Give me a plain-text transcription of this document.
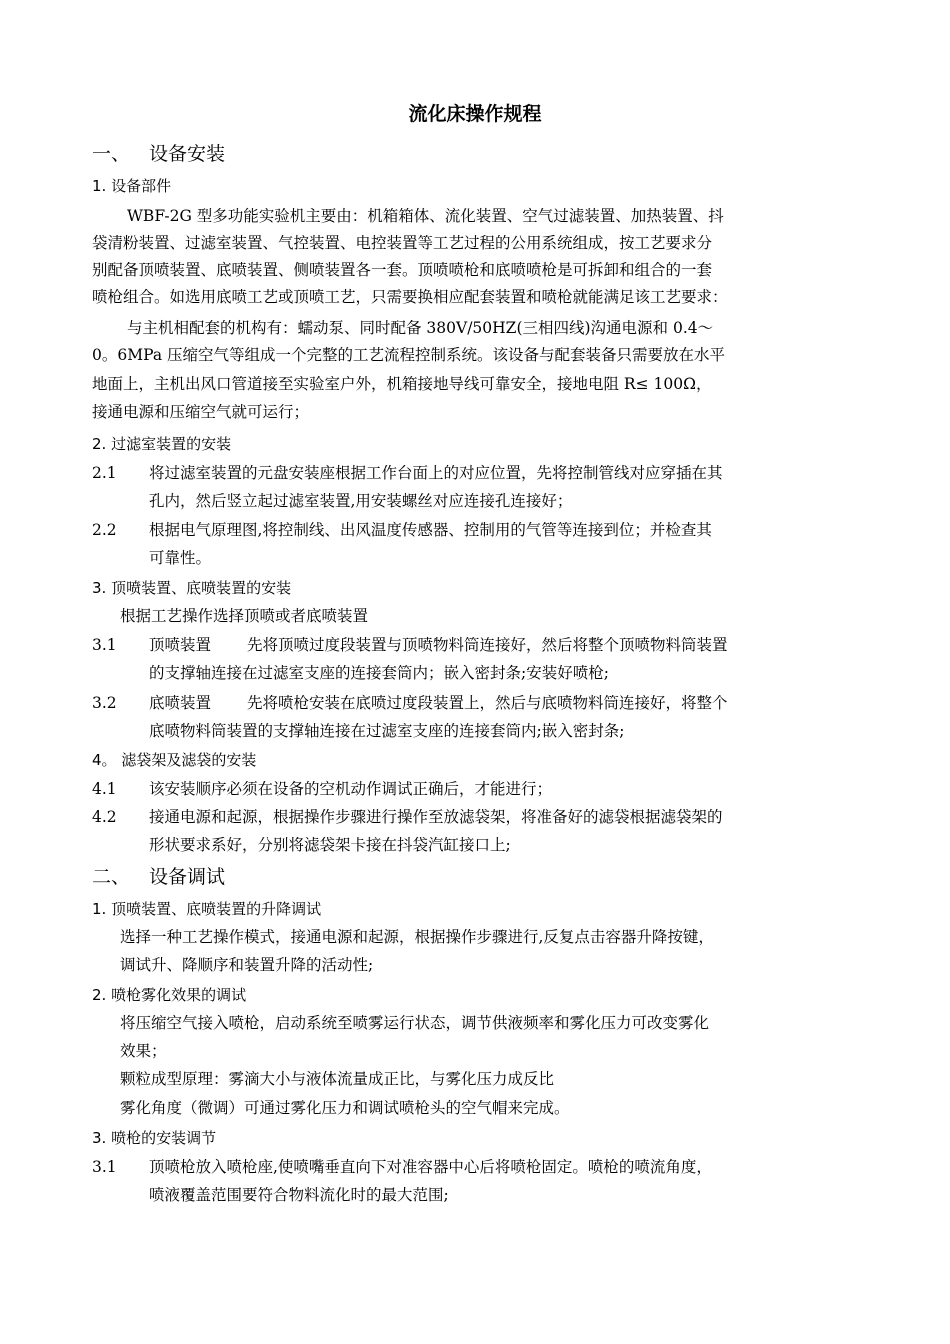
流化床操作规程
一、 设备安装
1. 设备部件
WBF-2G 型多功能实验机主要由：机箱箱体、流化装置、空气过滤装置、加热装置、抖
袋清粉装置、过滤室装置、气控装置、电控装置等工艺过程的公用系统组成，按工艺要求分
别配备顶喷装置、底喷装置、侧喷装置各一套。顶喷喷枪和底喷喷枪是可拆卸和组合的一套
喷枪组合。如选用底喷工艺或顶喷工艺，只需要换相应配套装置和喷枪就能满足该工艺要求：
与主机相配套的机构有：蠕动泵、同时配备 380V/50HZ(三相四线)沟通电源和 0.4～
0。6MPa 压缩空气等组成一个完整的工艺流程控制系统。该设备与配套装备只需要放在水平
地面上，主机出风口管道接至实验室户外，机箱接地导线可靠安全，接地电阻 R≤ 100Ω，
接通电源和压缩空气就可运行；
2. 过滤室装置的安装
2.1 将过滤室装置的元盘安装座根据工作台面上的对应位置，先将控制管线对应穿插在其
孔内，然后竖立起过滤室装置,用安装螺丝对应连接孔连接好；
2.2 根据电气原理图,将控制线、出风温度传感器、控制用的气管等连接到位；并检查其
可靠性。
3. 顶喷装置、底喷装置的安装
根据工艺操作选择顶喷或者底喷装置
3.1 顶喷装置 先将顶喷过度段装置与顶喷物料筒连接好，然后将整个顶喷物料筒装置
的支撑轴连接在过滤室支座的连接套筒内；嵌入密封条;安装好喷枪;
3.2 底喷装置 先将喷枪安装在底喷过度段装置上，然后与底喷物料筒连接好，将整个
底喷物料筒装置的支撑轴连接在过滤室支座的连接套筒内;嵌入密封条;
4。 滤袋架及滤袋的安装
4.1 该安装顺序必须在设备的空机动作调试正确后，才能进行；
4.2 接通电源和起源，根据操作步骤进行操作至放滤袋架，将准备好的滤袋根据滤袋架的
形状要求系好，分别将滤袋架卡接在抖袋汽缸接口上;
二、 设备调试
1. 顶喷装置、底喷装置的升降调试
选择一种工艺操作模式，接通电源和起源，根据操作步骤进行,反复点击容器升降按键，
调试升、降顺序和装置升降的活动性;
2. 喷枪雾化效果的调试
将压缩空气接入喷枪，启动系统至喷雾运行状态，调节供液频率和雾化压力可改变雾化
效果；
颗粒成型原理：雾滴大小与液体流量成正比，与雾化压力成反比
雾化角度（微调）可通过雾化压力和调试喷枪头的空气帽来完成。
3. 喷枪的安装调节
3.1 顶喷枪放入喷枪座,使喷嘴垂直向下对准容器中心后将喷枪固定。喷枪的喷流角度，
喷液覆盖范围要符合物料流化时的最大范围;
